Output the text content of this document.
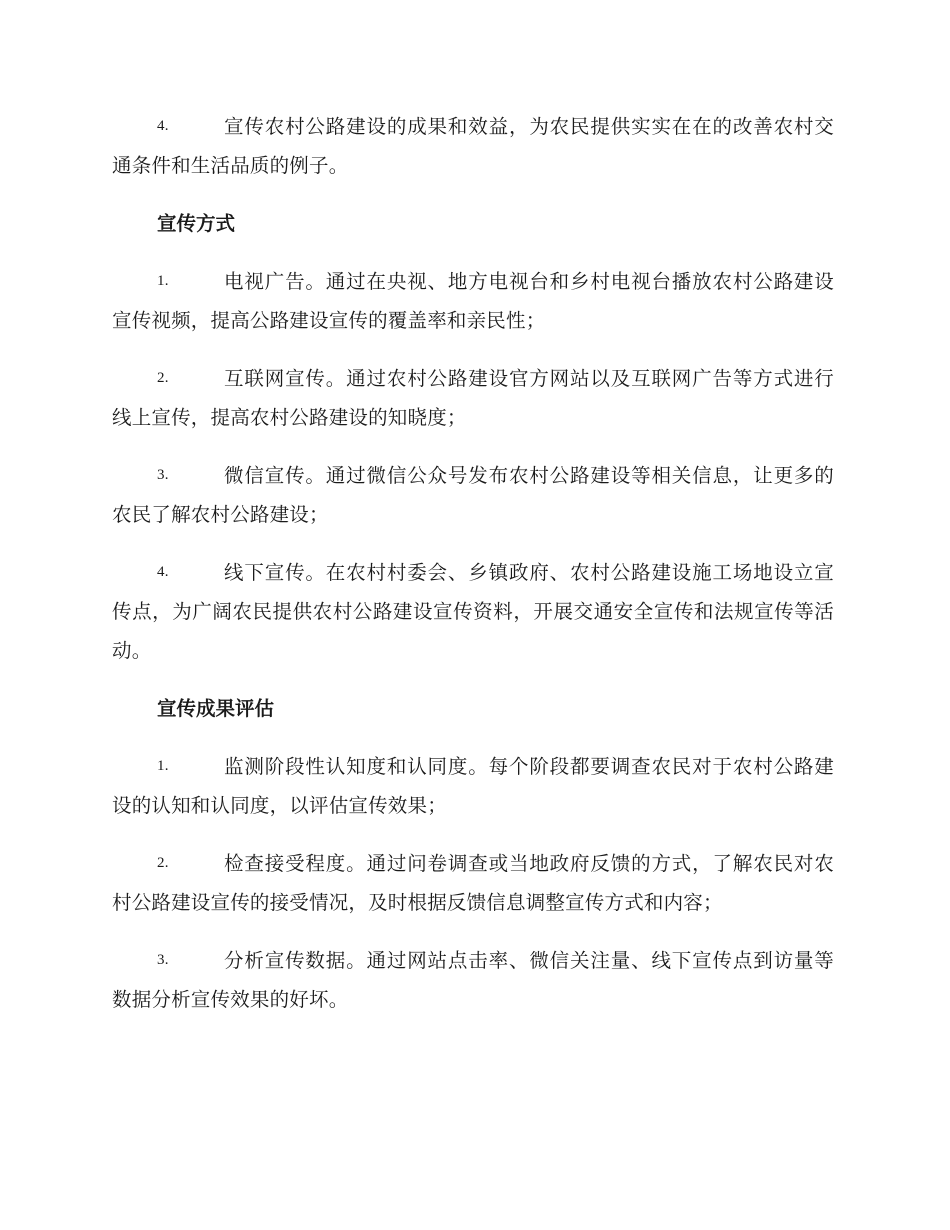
4.	宣传农村公路建设的成果和效益，为农民提供实实在在的改善农村交通条件和生活品质的例子。

宣传方式

1.	电视广告。通过在央视、地方电视台和乡村电视台播放农村公路建设宣传视频，提高公路建设宣传的覆盖率和亲民性；

2.	互联网宣传。通过农村公路建设官方网站以及互联网广告等方式进行线上宣传，提高农村公路建设的知晓度；

3.	微信宣传。通过微信公众号发布农村公路建设等相关信息，让更多的农民了解农村公路建设；

4.	线下宣传。在农村村委会、乡镇政府、农村公路建设施工场地设立宣传点，为广阔农民提供农村公路建设宣传资料，开展交通安全宣传和法规宣传等活动。

宣传成果评估

1.	监测阶段性认知度和认同度。每个阶段都要调查农民对于农村公路建设的认知和认同度，以评估宣传效果；

2.	检查接受程度。通过问卷调查或当地政府反馈的方式，了解农民对农村公路建设宣传的接受情况，及时根据反馈信息调整宣传方式和内容；

3.	分析宣传数据。通过网站点击率、微信关注量、线下宣传点到访量等数据分析宣传效果的好坏。
